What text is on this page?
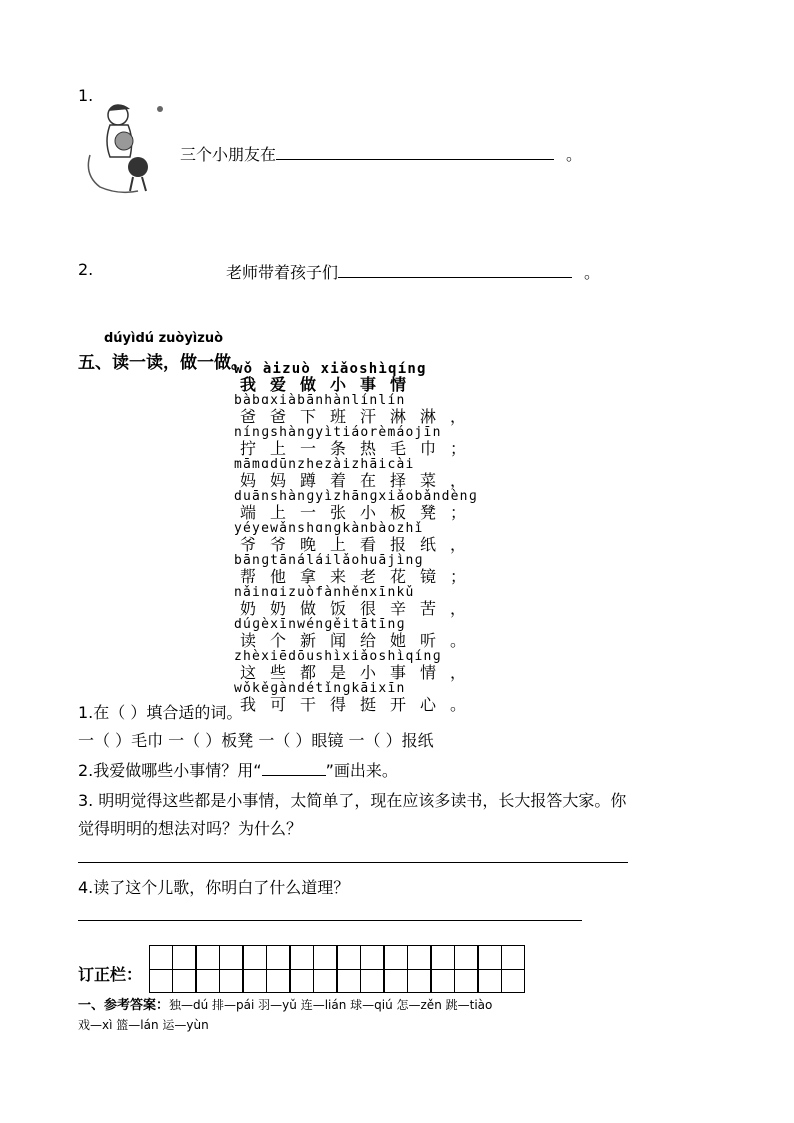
1.
三个小朋友在	。
2.	老师带着孩子们	。
dúyìdú zuòyìzuò
五、读一读，做一做。
wǒ àizuò xiǎoshìqíng
我爱做小事情
bàbɑxiàbānhànlínlín
爸爸下班汗淋淋，
nínɡshànɡyìtiáorèmáojīn
拧上一条热毛巾；
māmɑdūnzhezàizhāicài
妈妈蹲着在择菜，
duānshànɡyìzhānɡxiǎobǎndènɡ
端上一张小板凳；
yéyewǎnshɑnɡkànbàozhǐ
爷爷晚上看报纸，
bānɡtānáláilǎohuājìnɡ
帮他拿来老花镜；
nǎinɑizuòfànhěnxīnkǔ
奶奶做饭很辛苦，
dúɡèxīnwénɡěitātīnɡ
读个新闻给她听。
zhèxiēdōushìxiǎoshìqínɡ
这些都是小事情，
wǒkěɡàndétǐnɡkāixīn
我可干得挺开心。
1.在（ ）填合适的词。
一（ ）毛巾 一（ ）板凳 一（ ）眼镜 一（ ）报纸
2.我爱做哪些小事情？用“	”画出来。
3. 明明觉得这些都是小事情，太简单了，现在应该多读书，长大报答大家。你
觉得明明的想法对吗？为什么？
4.读了这个儿歌，你明白了什么道理？
订正栏：
一、参考答案：独—dú 排—pái 羽—yǔ 连—lián 球—qiú 怎—zěn 跳—tiào
戏—xì 篮—lán 运—yùn
